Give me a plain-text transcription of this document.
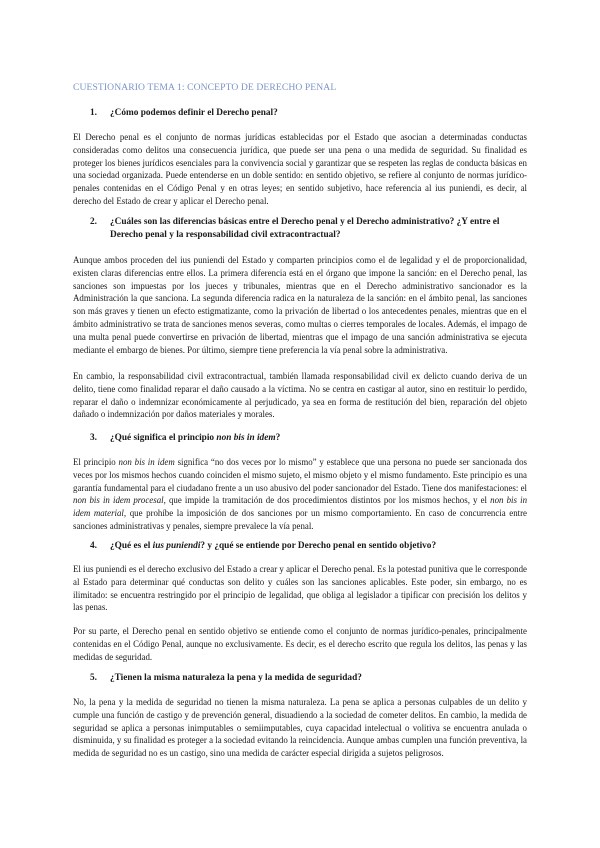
CUESTIONARIO TEMA 1: CONCEPTO DE DERECHO PENAL
1.	¿Cómo podemos definir el Derecho penal?

El Derecho penal es el conjunto de normas jurídicas establecidas por el Estado que asocian a determinadas conductas consideradas como delitos una consecuencia jurídica, que puede ser una pena o una medida de seguridad. Su finalidad es proteger los bienes jurídicos esenciales para la convivencia social y garantizar que se respeten las reglas de conducta básicas en una sociedad organizada. Puede entenderse en un doble sentido: en sentido objetivo, se refiere al conjunto de normas jurídico-penales contenidas en el Código Penal y en otras leyes; en sentido subjetivo, hace referencia al ius puniendi, es decir, al derecho del Estado de crear y aplicar el Derecho penal.

2.	¿Cuáles son las diferencias básicas entre el Derecho penal y el Derecho administrativo? ¿Y entre el Derecho penal y la responsabilidad civil extracontractual?

Aunque ambos proceden del ius puniendi del Estado y comparten principios como el de legalidad y el de proporcionalidad, existen claras diferencias entre ellos. La primera diferencia está en el órgano que impone la sanción: en el Derecho penal, las sanciones son impuestas por los jueces y tribunales, mientras que en el Derecho administrativo sancionador es la Administración la que sanciona. La segunda diferencia radica en la naturaleza de la sanción: en el ámbito penal, las sanciones son más graves y tienen un efecto estigmatizante, como la privación de libertad o los antecedentes penales, mientras que en el ámbito administrativo se trata de sanciones menos severas, como multas o cierres temporales de locales. Además, el impago de una multa penal puede convertirse en privación de libertad, mientras que el impago de una sanción administrativa se ejecuta mediante el embargo de bienes. Por último, siempre tiene preferencia la vía penal sobre la administrativa.

En cambio, la responsabilidad civil extracontractual, también llamada responsabilidad civil ex delicto cuando deriva de un delito, tiene como finalidad reparar el daño causado a la víctima. No se centra en castigar al autor, sino en restituir lo perdido, reparar el daño o indemnizar económicamente al perjudicado, ya sea en forma de restitución del bien, reparación del objeto dañado o indemnización por daños materiales y morales.

3.	¿Qué significa el principio non bis in idem?

El principio non bis in idem significa “no dos veces por lo mismo” y establece que una persona no puede ser sancionada dos veces por los mismos hechos cuando coinciden el mismo sujeto, el mismo objeto y el mismo fundamento. Este principio es una garantía fundamental para el ciudadano frente a un uso abusivo del poder sancionador del Estado. Tiene dos manifestaciones: el non bis in idem procesal, que impide la tramitación de dos procedimientos distintos por los mismos hechos, y el non bis in idem material, que prohíbe la imposición de dos sanciones por un mismo comportamiento. En caso de concurrencia entre sanciones administrativas y penales, siempre prevalece la vía penal.

4.	¿Qué es el ius puniendi? y ¿qué se entiende por Derecho penal en sentido objetivo?

El ius puniendi es el derecho exclusivo del Estado a crear y aplicar el Derecho penal. Es la potestad punitiva que le corresponde al Estado para determinar qué conductas son delito y cuáles son las sanciones aplicables. Este poder, sin embargo, no es ilimitado: se encuentra restringido por el principio de legalidad, que obliga al legislador a tipificar con precisión los delitos y las penas.

Por su parte, el Derecho penal en sentido objetivo se entiende como el conjunto de normas jurídico-penales, principalmente contenidas en el Código Penal, aunque no exclusivamente. Es decir, es el derecho escrito que regula los delitos, las penas y las medidas de seguridad.

5.	¿Tienen la misma naturaleza la pena y la medida de seguridad?

No, la pena y la medida de seguridad no tienen la misma naturaleza. La pena se aplica a personas culpables de un delito y cumple una función de castigo y de prevención general, disuadiendo a la sociedad de cometer delitos. En cambio, la medida de seguridad se aplica a personas inimputables o semiimputables, cuya capacidad intelectual o volitiva se encuentra anulada o disminuida, y su finalidad es proteger a la sociedad evitando la reincidencia. Aunque ambas cumplen una función preventiva, la medida de seguridad no es un castigo, sino una medida de carácter especial dirigida a sujetos peligrosos.
